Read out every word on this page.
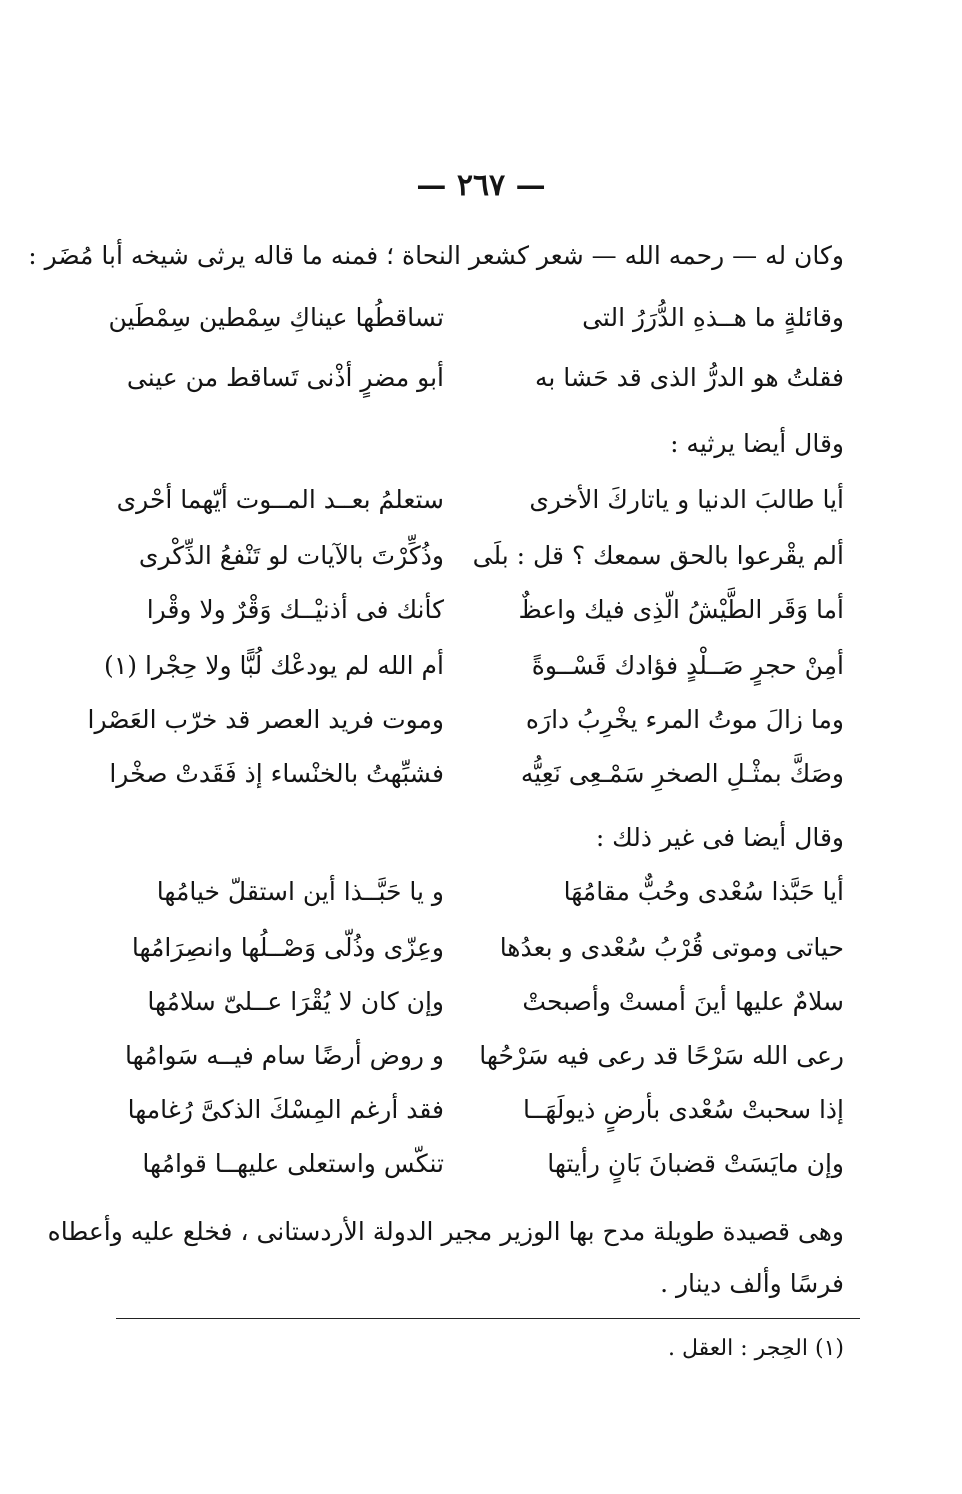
— ٢٦٧ —
وكان له — رحمه الله — شعر كشعر النحاة ؛ فمنه ما قاله يرثى شيخه أبا مُضَر :
وقائلةٍ ما هــذهِ الدُّرَرُ التى
تساقطُها عيناكِ سِمْطين سِمْطَين
فقلتُ هو الدرُّ الذى قد حَشا به
أبو مضرٍ أذْنى تَساقط من عينى
وقال أيضا يرثيه :
أيا طالبَ الدنيا و ياتاركَ الأخرى
ستعلمُ بعــد المــوت أيّهما أحْرى
ألم يقْرعوا بالحق سمعك ؟ قل : بلَى
وذُكِّرْتَ بالآيات لو تَنْفعُ الذِّكْرى
أما وَقَر الطَّيْشُ الّذِى فيك واعظٌ
كأنك فى أذنيْــك وَقْرٌ ولا وقْرا
أمِنْ حجرٍ صَــلْدٍ فؤادك قَسْــوةً
أم الله لم يودعْك لُبًّا ولا حِجْرا (١)
وما زالَ موتُ المرء يخْرِبُ دارَه
وموت فريد العصر قد خرّب العَصْرا
وصَكَّ بمثْـلِ الصخرِ سَمْـعِى نَعِيُّه
فشبِّهتُ بالخنْساء إذ فَقَدتْ صخْرا
وقال أيضا فى غير ذلك :
أيا حَبَّذا سُعْدى وحُبٌّ مقامُهَا
و يا حَبَّــذا أين استقلّ خيامُها
حياتى وموتى قُرْبُ سُعْدى و بعدُها
وعِزّى وذُلّى وَصْــلُها وانصِرَامُها
سلامٌ عليها أينَ أمستْ وأصبحتْ
وإن كان لا يُقْرَا عــلىّ سلامُها
رعى الله سَرْحًا قد رعى فيه سَرْحُها
و روض أرضًا سام فيــه سَوامُها
إذا سحبتْ سُعْدى بأرضٍ ذيولَهَــا
فقد أرغم المِسْكَ الذكىَّ رُغامها
وإن مايَسَتْ قضبانَ بَانٍ رأيتها
تنكّس واستعلى عليهــا قوامُها
وهى قصيدة طويلة مدح بها الوزير مجير الدولة الأردستانى ، فخلع عليه وأعطاه
فرسًا وألف دينار .
(١) الحِجر : العقل .
